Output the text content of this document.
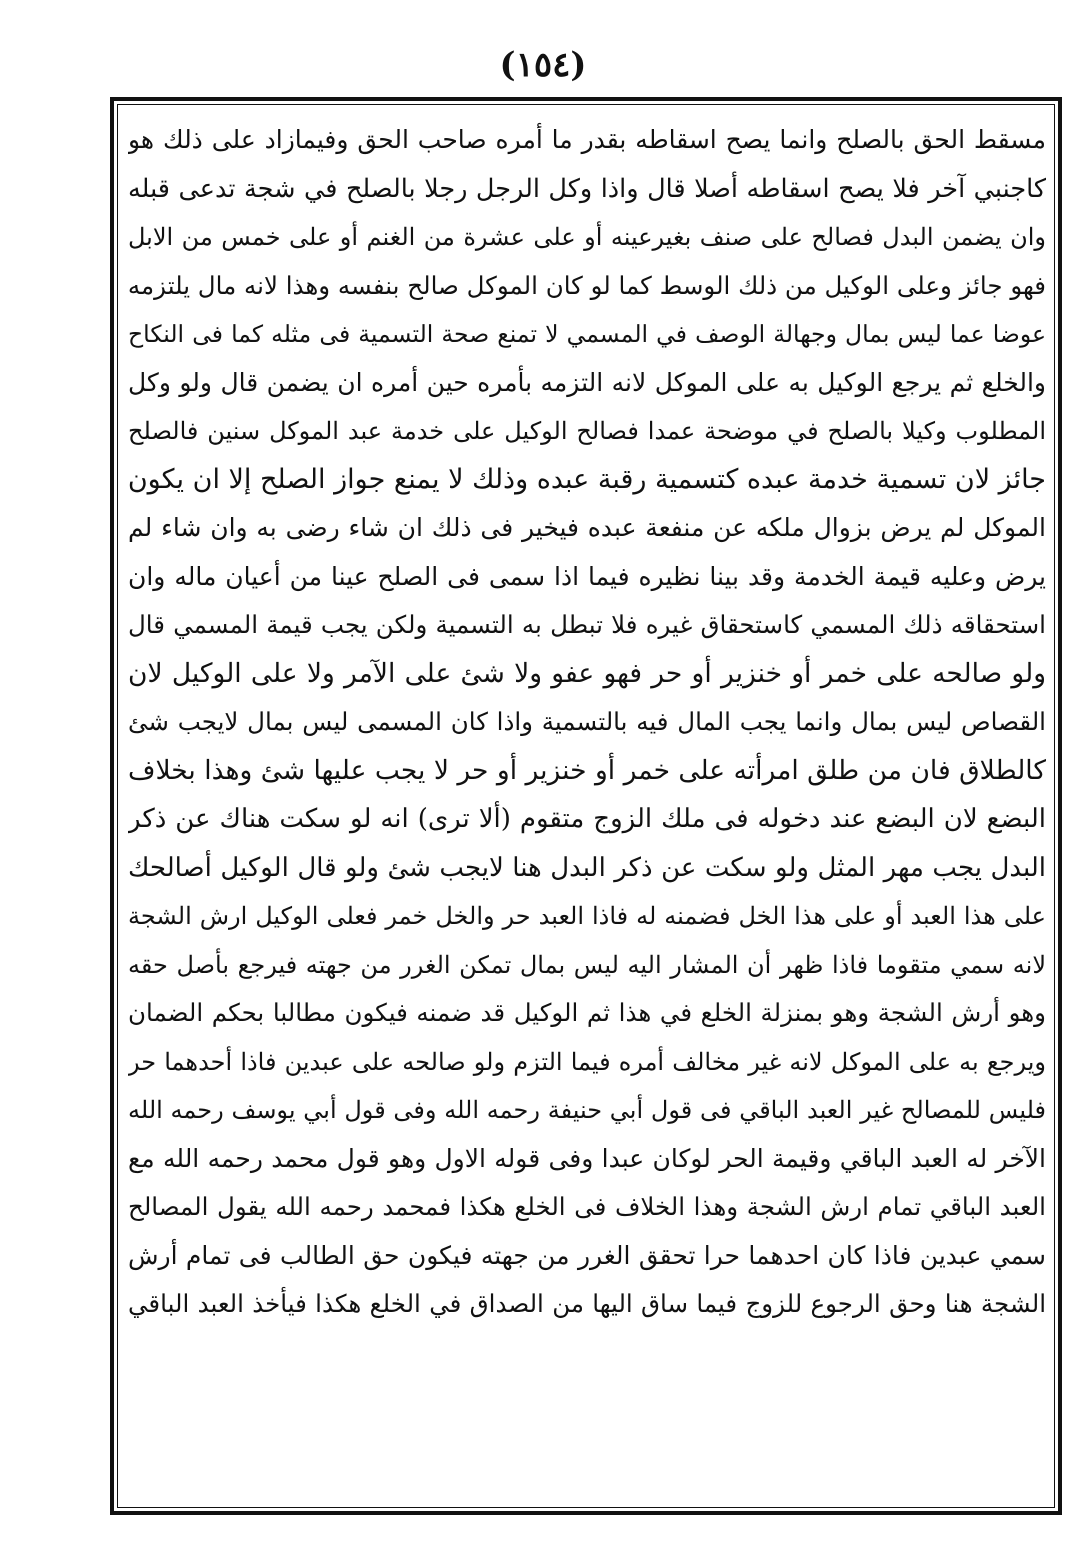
(١٥٤)
مسقط الحق بالصلح وانما يصح اسقاطه بقدر ما أمره صاحب الحق وفيمازاد على ذلك هو
كاجنبي آخر فلا يصح اسقاطه أصلا قال واذا وكل الرجل رجلا بالصلح في شجة تدعى قبله
وان يضمن البدل فصالح على صنف بغيرعينه أو على عشرة من الغنم أو على خمس من الابل
فهو جائز وعلى الوكيل من ذلك الوسط كما لو كان الموكل صالح بنفسه وهذا لانه مال يلتزمه
عوضا عما ليس بمال وجهالة الوصف في المسمي لا تمنع صحة التسمية فى مثله كما فى النكاح
والخلع ثم يرجع الوكيل به على الموكل لانه التزمه بأمره حين أمره ان يضمن قال ولو وكل
المطلوب وكيلا بالصلح في موضحة عمدا فصالح الوكيل على خدمة عبد الموكل سنين فالصلح
جائز لان تسمية خدمة عبده كتسمية رقبة عبده وذلك لا يمنع جواز الصلح إلا ان يكون
الموكل لم يرض بزوال ملكه عن منفعة عبده فيخير فى ذلك ان شاء رضى به وان شاء لم
يرض وعليه قيمة الخدمة وقد بينا نظيره فيما اذا سمى فى الصلح عينا من أعيان ماله وان
استحقاقه ذلك المسمي كاستحقاق غيره فلا تبطل به التسمية ولكن يجب قيمة المسمي قال
ولو صالحه على خمر أو خنزير أو حر فهو عفو ولا شئ على الآمر ولا على الوكيل لان
القصاص ليس بمال وانما يجب المال فيه بالتسمية واذا كان المسمى ليس بمال لايجب شئ
كالطلاق فان من طلق امرأته على خمر أو خنزير أو حر لا يجب عليها شئ وهذا بخلاف
البضع لان البضع عند دخوله فى ملك الزوج متقوم (ألا ترى) انه لو سكت هناك عن ذكر
البدل يجب مهر المثل ولو سكت عن ذكر البدل هنا لايجب شئ ولو قال الوكيل أصالحك
على هذا العبد أو على هذا الخل فضمنه له فاذا العبد حر والخل خمر فعلى الوكيل ارش الشجة
لانه سمي متقوما فاذا ظهر أن المشار اليه ليس بمال تمكن الغرر من جهته فيرجع بأصل حقه
وهو أرش الشجة وهو بمنزلة الخلع في هذا ثم الوكيل قد ضمنه فيكون مطالبا بحكم الضمان
ويرجع به على الموكل لانه غير مخالف أمره فيما التزم ولو صالحه على عبدين فاذا أحدهما حر
فليس للمصالح غير العبد الباقي فى قول أبي حنيفة رحمه الله وفى قول أبي يوسف رحمه الله
الآخر له العبد الباقي وقيمة الحر لوكان عبدا وفى قوله الاول وهو قول محمد رحمه الله مع
العبد الباقي تمام ارش الشجة وهذا الخلاف فى الخلع هكذا فمحمد رحمه الله يقول المصالح
سمي عبدين فاذا كان احدهما حرا تحقق الغرر من جهته فيكون حق الطالب فى تمام أرش
الشجة هنا وحق الرجوع للزوج فيما ساق اليها من الصداق في الخلع هكذا فيأخذ العبد الباقي
